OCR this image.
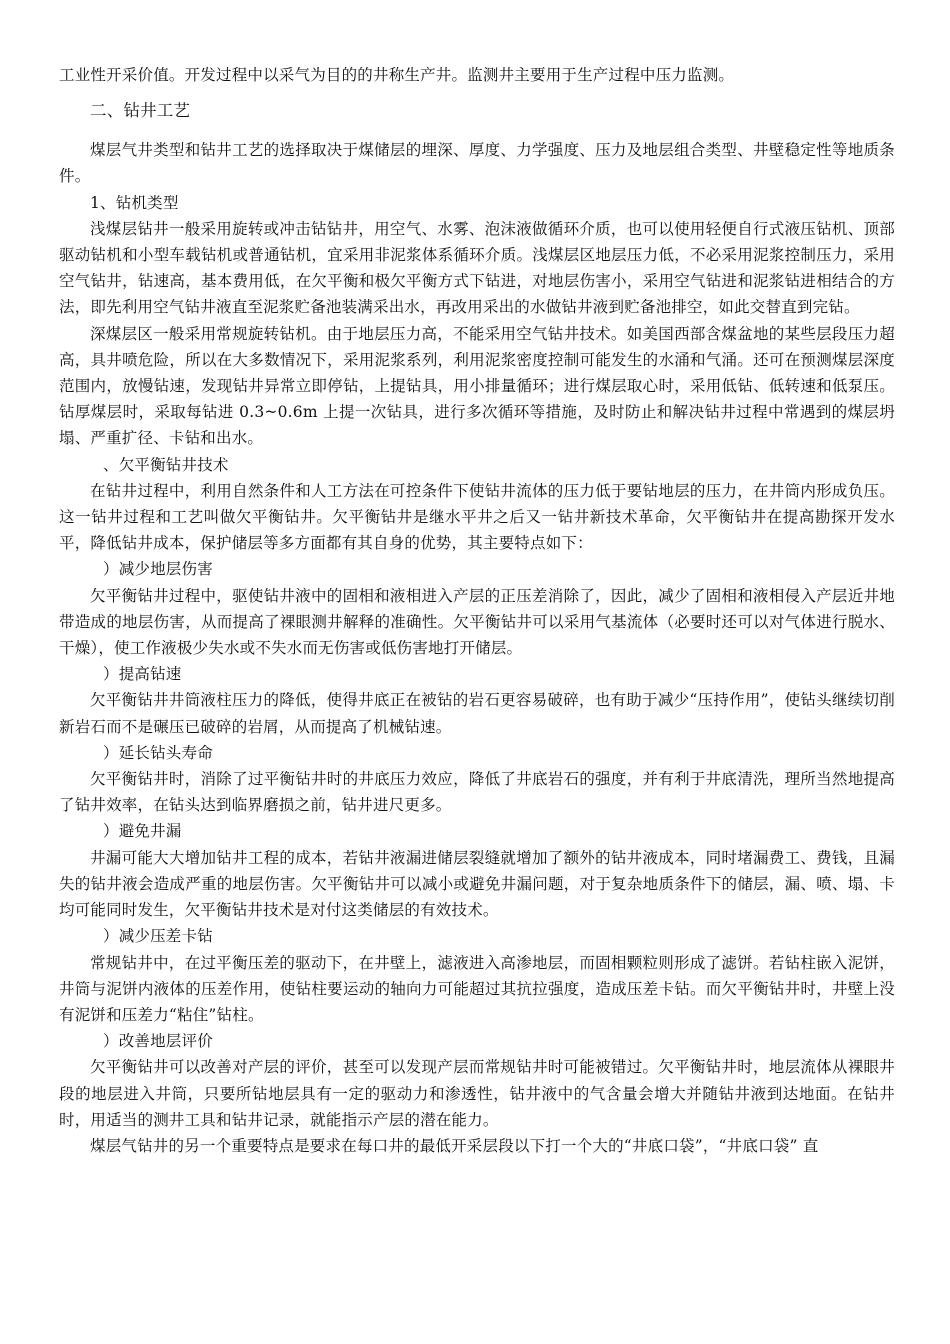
工业性开采价值。开发过程中以采气为目的的井称生产井。监测井主要用于生产过程中压力监测。

二、钻井工艺

煤层气井类型和钻井工艺的选择取决于煤储层的埋深、厚度、力学强度、压力及地层组合类型、井壁稳定性等地质条件。

1、钻机类型

浅煤层钻井一般采用旋转或冲击钻钻井，用空气、水雾、泡沫液做循环介质，也可以使用轻便自行式液压钻机、顶部驱动钻机和小型车载钻机或普通钻机，宜采用非泥浆体系循环介质。浅煤层区地层压力低，不必采用泥浆控制压力，采用空气钻井，钻速高，基本费用低，在欠平衡和极欠平衡方式下钻进，对地层伤害小，采用空气钻进和泥浆钻进相结合的方法，即先利用空气钻井液直至泥浆贮备池装满采出水，再改用采出的水做钻井液到贮备池排空，如此交替直到完钻。

深煤层区一般采用常规旋转钻机。由于地层压力高，不能采用空气钻井技术。如美国西部含煤盆地的某些层段压力超高，具井喷危险，所以在大多数情况下，采用泥浆系列，利用泥浆密度控制可能发生的水涌和气涌。还可在预测煤层深度范围内，放慢钻速，发现钻井异常立即停钻，上提钻具，用小排量循环；进行煤层取心时，采用低钻、低转速和低泵压。钻厚煤层时，采取每钻进 0.3~0.6m 上提一次钻具，进行多次循环等措施，及时防止和解决钻井过程中常遇到的煤层坍塌、严重扩径、卡钻和出水。

、欠平衡钻井技术

在钻井过程中，利用自然条件和人工方法在可控条件下使钻井流体的压力低于要钻地层的压力，在井筒内形成负压。这一钻井过程和工艺叫做欠平衡钻井。欠平衡钻井是继水平井之后又一钻井新技术革命，欠平衡钻井在提高勘探开发水平，降低钻井成本，保护储层等多方面都有其自身的优势，其主要特点如下：

）减少地层伤害

欠平衡钻井过程中，驱使钻井液中的固相和液相进入产层的正压差消除了，因此，减少了固相和液相侵入产层近井地带造成的地层伤害，从而提高了裸眼测井解释的准确性。欠平衡钻井可以采用气基流体（必要时还可以对气体进行脱水、干燥），使工作液极少失水或不失水而无伤害或低伤害地打开储层。

）提高钻速

欠平衡钻井井筒液柱压力的降低，使得井底正在被钻的岩石更容易破碎，也有助于减少“压持作用”，使钻头继续切削新岩石而不是碾压已破碎的岩屑，从而提高了机械钻速。

）延长钻头寿命

欠平衡钻井时，消除了过平衡钻井时的井底压力效应，降低了井底岩石的强度，并有利于井底清洗，理所当然地提高了钻井效率，在钻头达到临界磨损之前，钻井进尺更多。

）避免井漏

井漏可能大大增加钻井工程的成本，若钻井液漏进储层裂缝就增加了额外的钻井液成本，同时堵漏费工、费钱，且漏失的钻井液会造成严重的地层伤害。欠平衡钻井可以减小或避免井漏问题，对于复杂地质条件下的储层，漏、喷、塌、卡均可能同时发生，欠平衡钻井技术是对付这类储层的有效技术。

）减少压差卡钻

常规钻井中，在过平衡压差的驱动下，在井壁上，滤液进入高渗地层，而固相颗粒则形成了滤饼。若钻柱嵌入泥饼，井筒与泥饼内液体的压差作用，使钻柱要运动的轴向力可能超过其抗拉强度，造成压差卡钻。而欠平衡钻井时，井壁上没有泥饼和压差力“粘住”钻柱。

）改善地层评价

欠平衡钻井可以改善对产层的评价，甚至可以发现产层而常规钻井时可能被错过。欠平衡钻井时，地层流体从裸眼井段的地层进入井筒，只要所钻地层具有一定的驱动力和渗透性，钻井液中的气含量会增大并随钻井液到达地面。在钻井时，用适当的测井工具和钻井记录，就能指示产层的潜在能力。

煤层气钻井的另一个重要特点是要求在每口井的最低开采层段以下打一个大的“井底口袋”，“井底口袋” 直
